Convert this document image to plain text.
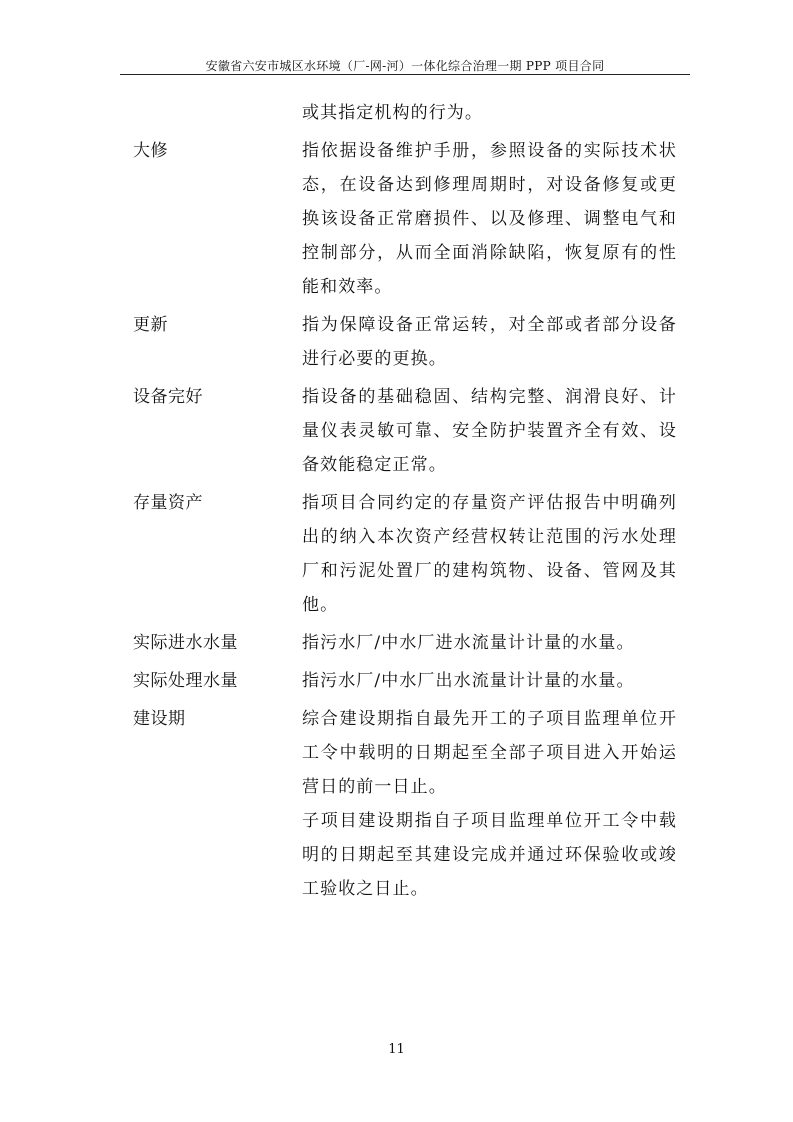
安徽省六安市城区水环境（厂-网-河）一体化综合治理一期 PPP 项目合同
或其指定机构的行为。
大修	指依据设备维护手册，参照设备的实际技术状态，在设备达到修理周期时，对设备修复或更换该设备正常磨损件、以及修理、调整电气和控制部分，从而全面消除缺陷，恢复原有的性能和效率。

更新	指为保障设备正常运转，对全部或者部分设备进行必要的更换。

设备完好	指设备的基础稳固、结构完整、润滑良好、计量仪表灵敏可靠、安全防护装置齐全有效、设备效能稳定正常。

存量资产	指项目合同约定的存量资产评估报告中明确列出的纳入本次资产经营权转让范围的污水处理厂和污泥处置厂的建构筑物、设备、管网及其他。

实际进水水量	指污水厂/中水厂进水流量计计量的水量。

实际处理水量	指污水厂/中水厂出水流量计计量的水量。

建设期	综合建设期指自最先开工的子项目监理单位开工令中载明的日期起至全部子项目进入开始运营日的前一日止。

子项目建设期指自子项目监理单位开工令中载明的日期起至其建设完成并通过环保验收或竣工验收之日止。

11
